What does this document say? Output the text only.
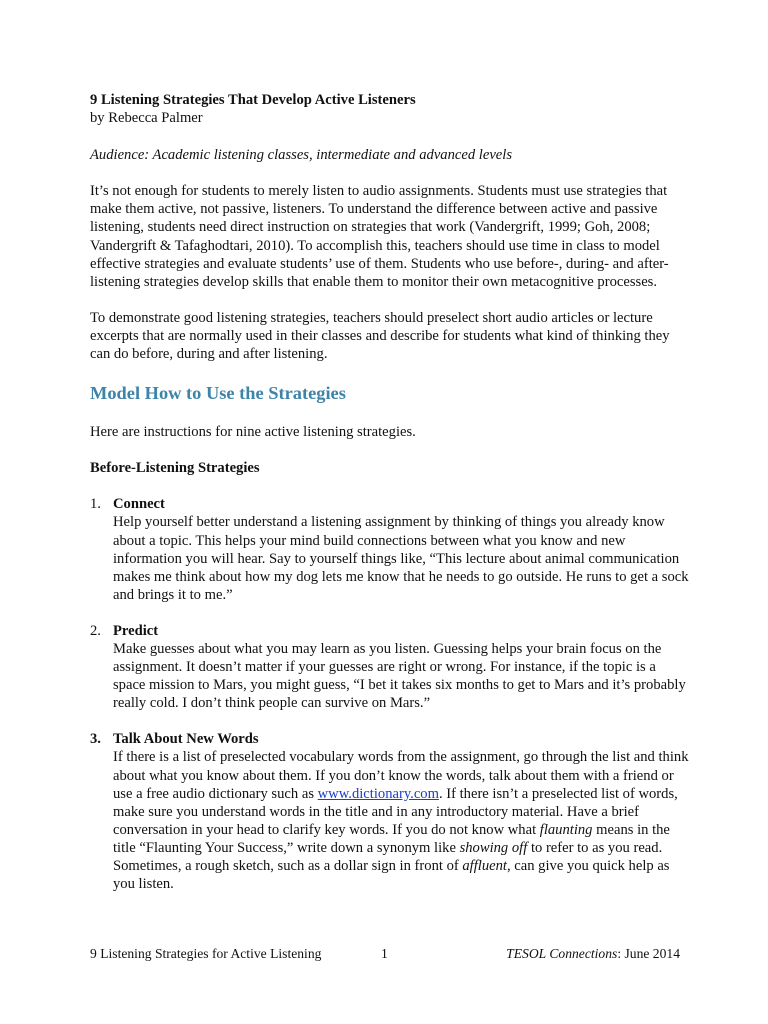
9 Listening Strategies That Develop Active Listeners

by Rebecca Palmer

Audience: Academic listening classes, intermediate and advanced levels

It’s not enough for students to merely listen to audio assignments. Students must use strategies that make them active, not passive, listeners. To understand the difference between active and passive listening, students need direct instruction on strategies that work (Vandergrift, 1999; Goh, 2008; Vandergrift & Tafaghodtari, 2010). To accomplish this, teachers should use time in class to model effective strategies and evaluate students’ use of them. Students who use before-, during- and after-listening strategies develop skills that enable them to monitor their own metacognitive processes.

To demonstrate good listening strategies, teachers should preselect short audio articles or lecture excerpts that are normally used in their classes and describe for students what kind of thinking they can do before, during and after listening.

Model How to Use the Strategies

Here are instructions for nine active listening strategies.

Before-Listening Strategies

1. Connect
Help yourself better understand a listening assignment by thinking of things you already know about a topic. This helps your mind build connections between what you know and new information you will hear. Say to yourself things like, “This lecture about animal communication makes me think about how my dog lets me know that he needs to go outside. He runs to get a sock and brings it to me.”
2. Predict
Make guesses about what you may learn as you listen. Guessing helps your brain focus on the assignment. It doesn’t matter if your guesses are right or wrong. For instance, if the topic is a space mission to Mars, you might guess, “I bet it takes six months to get to Mars and it’s probably really cold. I don’t think people can survive on Mars.”
3. Talk About New Words
If there is a list of preselected vocabulary words from the assignment, go through the list and think about what you know about them. If you don’t know the words, talk about them with a friend or use a free audio dictionary such as www.dictionary.com. If there isn’t a preselected list of words, make sure you understand words in the title and in any introductory material. Have a brief conversation in your head to clarify key words. If you do not know what flaunting means in the title “Flaunting Your Success,” write down a synonym like showing off to refer to as you read. Sometimes, a rough sketch, such as a dollar sign in front of affluent, can give you quick help as you listen.
9 Listening Strategies for Active Listening	1	TESOL Connections: June 2014
